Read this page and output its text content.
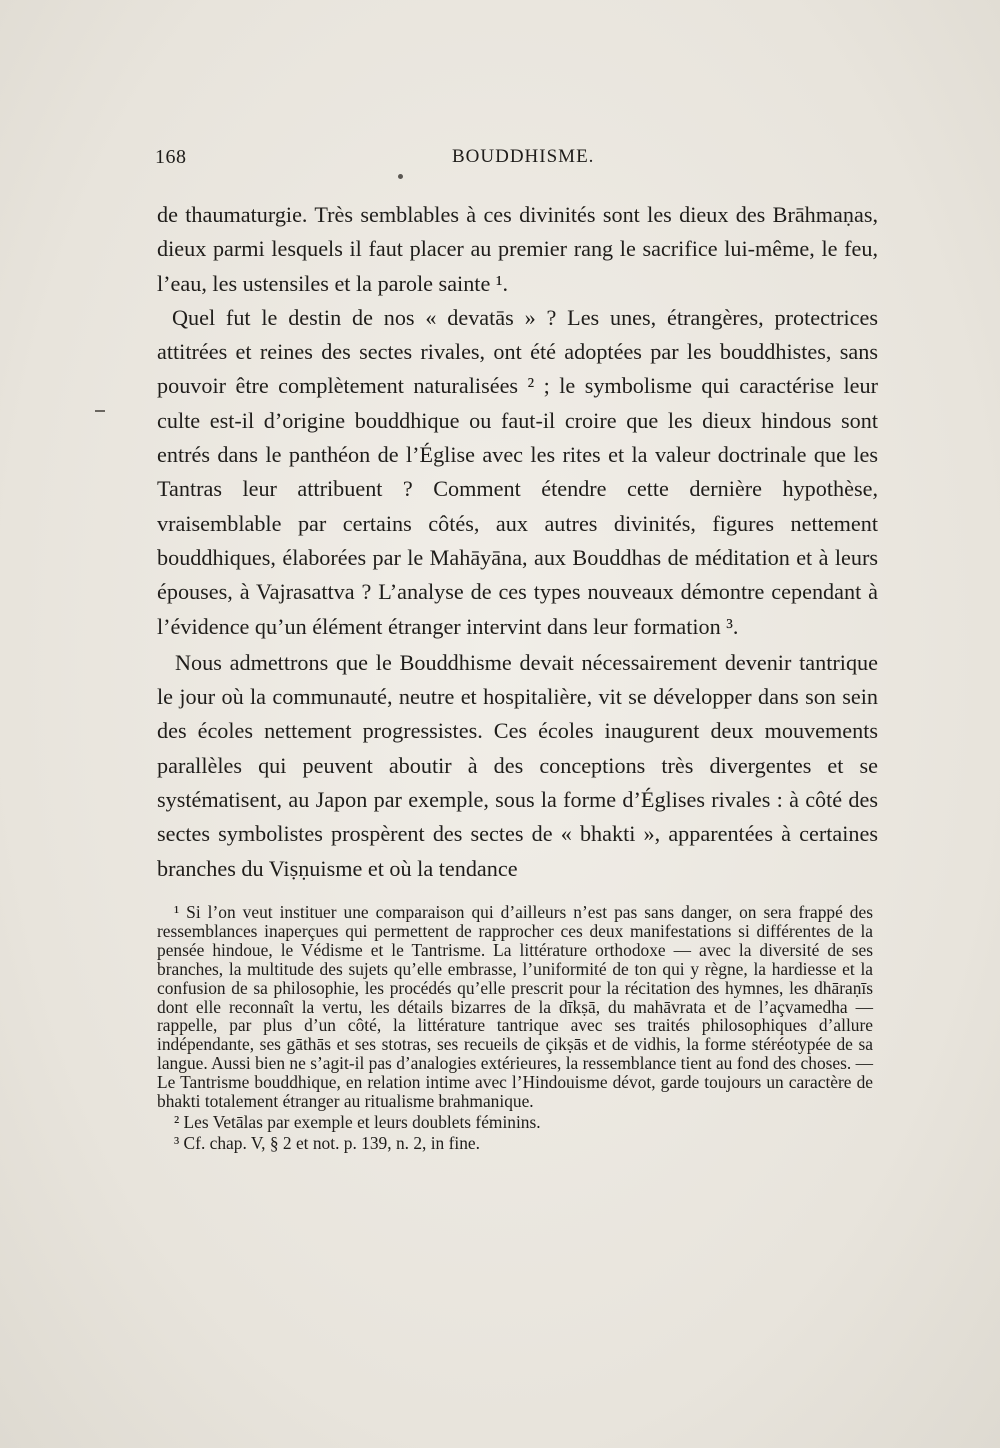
168	BOUDDHISME.

de thaumaturgie. Très semblables à ces divinités sont les dieux des Brāhmaṇas, dieux parmi lesquels il faut placer au premier rang le sacrifice lui-même, le feu, l’eau, les ustensiles et la parole sainte ¹.

Quel fut le destin de nos « devatās » ? Les unes, étrangères, protectrices attitrées et reines des sectes rivales, ont été adoptées par les bouddhistes, sans pouvoir être complètement naturalisées ² ; le symbolisme qui caractérise leur culte est-il d’origine bouddhique ou faut-il croire que les dieux hindous sont entrés dans le panthéon de l’Église avec les rites et la valeur doctrinale que les Tantras leur attribuent ? Comment étendre cette dernière hypothèse, vraisemblable par certains côtés, aux autres divinités, figures nettement bouddhiques, élaborées par le Mahāyāna, aux Bouddhas de méditation et à leurs épouses, à Vajrasattva ? L’analyse de ces types nouveaux démontre cependant à l’évidence qu’un élément étranger intervint dans leur formation ³.

Nous admettrons que le Bouddhisme devait nécessairement devenir tantrique le jour où la communauté, neutre et hospitalière, vit se développer dans son sein des écoles nettement progressistes. Ces écoles inaugurent deux mouvements parallèles qui peuvent aboutir à des conceptions très divergentes et se systématisent, au Japon par exemple, sous la forme d’Églises rivales : à côté des sectes symbolistes prospèrent des sectes de « bhakti », apparentées à certaines branches du Viṣṇuisme et où la tendance

¹ Si l’on veut instituer une comparaison qui d’ailleurs n’est pas sans danger, on sera frappé des ressemblances inaperçues qui permettent de rapprocher ces deux manifestations si différentes de la pensée hindoue, le Védisme et le Tantrisme. La littérature orthodoxe — avec la diversité de ses branches, la multitude des sujets qu’elle embrasse, l’uniformité de ton qui y règne, la hardiesse et la confusion de sa philosophie, les procédés qu’elle prescrit pour la récitation des hymnes, les dhāraṇīs dont elle reconnaît la vertu, les détails bizarres de la dīkṣā, du mahāvrata et de l’açvamedha — rappelle, par plus d’un côté, la littérature tantrique avec ses traités philosophiques d’allure indépendante, ses gāthās et ses stotras, ses recueils de çikṣās et de vidhis, la forme stéréotypée de sa langue. Aussi bien ne s’agit-il pas d’analogies extérieures, la ressemblance tient au fond des choses. — Le Tantrisme bouddhique, en relation intime avec l’Hindouisme dévot, garde toujours un caractère de bhakti totalement étranger au ritualisme brahmanique.

² Les Vetālas par exemple et leurs doublets féminins.

³ Cf. chap. V, § 2 et not. p. 139, n. 2, in fine.
